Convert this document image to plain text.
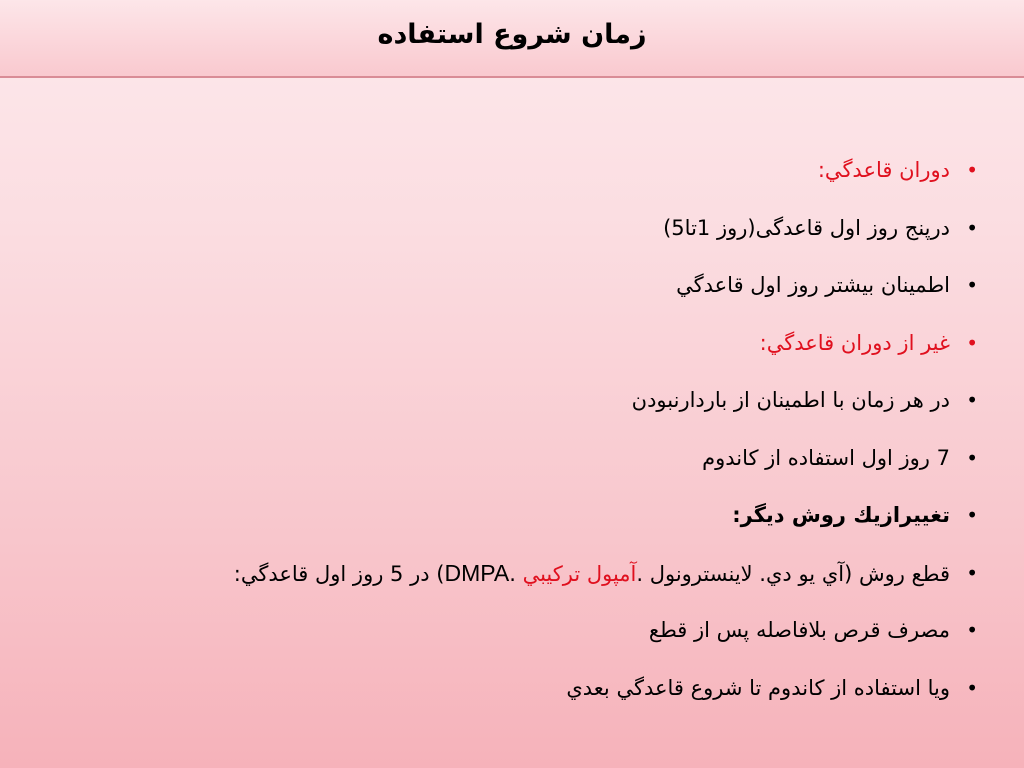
زمان شروع استفاده
•
دوران قاعدگي:
•
درپنج روز اول قاعدگی(روز 1تا5)
•
اطمینان بیشتر روز اول قاعدگي
•
غیر از دوران قاعدگي:
•
در هر زمان با اطمینان از باردارنبودن
•
7 روز اول استفاده از کاندوم
•
تغییرازیك روش دیگر:
•
قطع روش (آي يو دي. لاينسترونول .آمپول تركيبي .DMPA) در 5 روز اول قاعدگي:
•
مصرف قرص بلافاصله پس از قطع
•
ويا استفاده از کاندوم تا شروع قاعدگي بعدي
